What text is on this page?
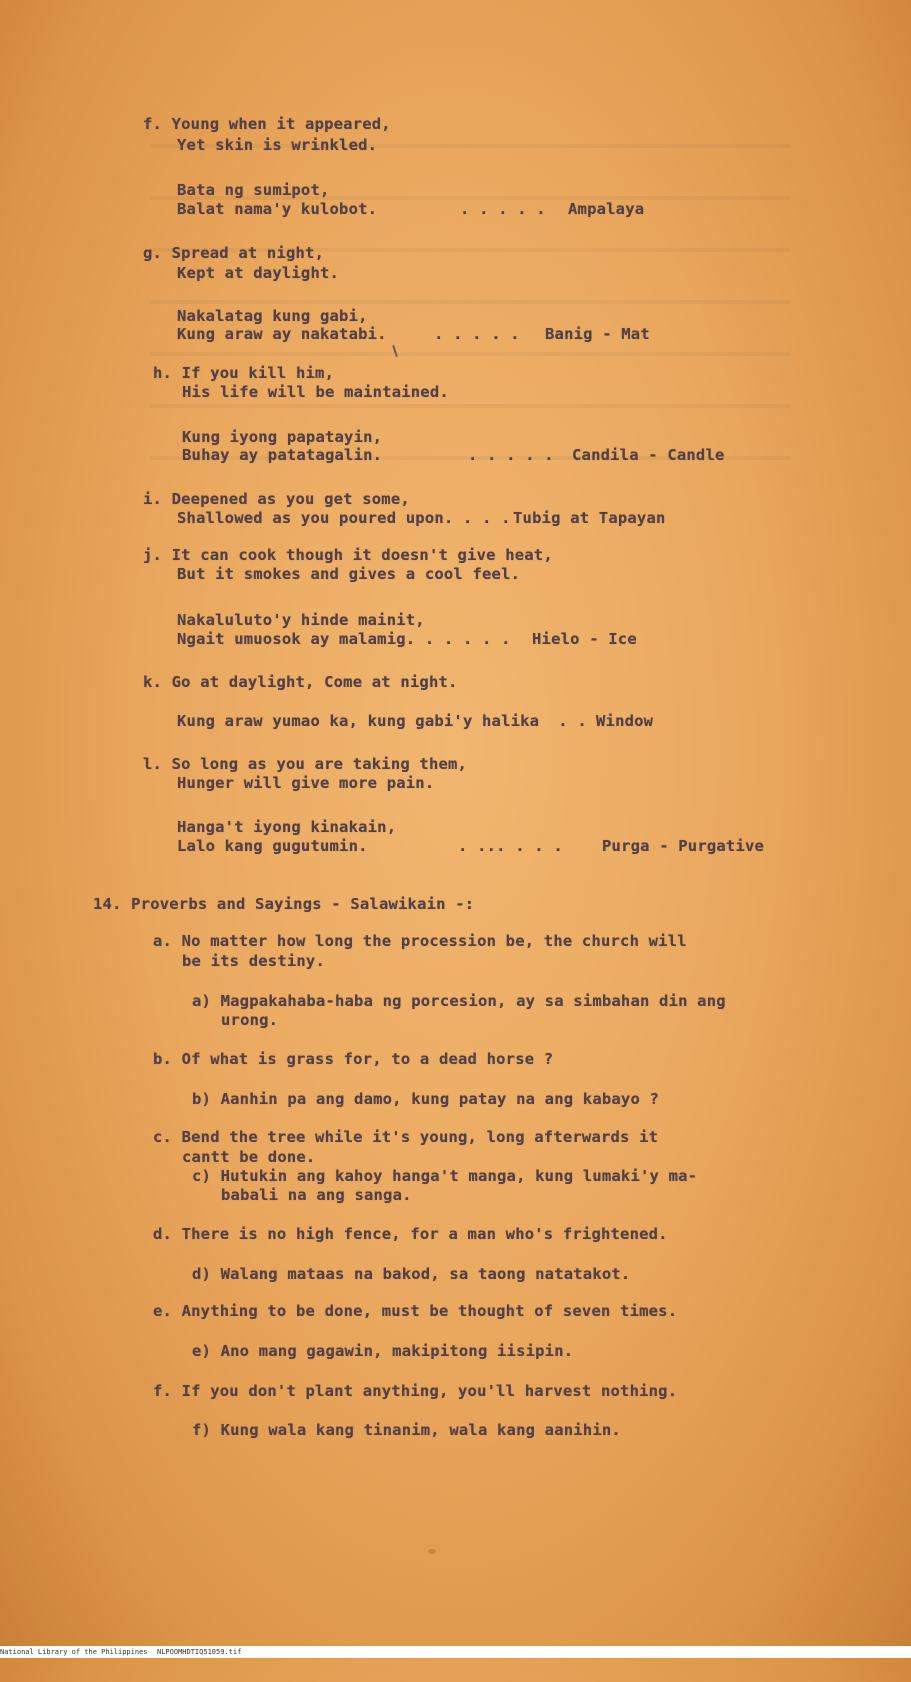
f. Young when it appeared,
Yet skin is wrinkled.
Bata ng sumipot,
Balat nama'y kulobot.	. . . . . Ampalaya
g. Spread at night,
Kept at daylight.
Nakalatag kung gabi,
Kung araw ay nakatabi.	. . . . . Banig - Mat
h. If you kill him,
His life will be maintained.
Kung iyong papatayin,
Buhay ay patatagalin.	. . . . . Candila - Candle
i. Deepened as you get some,
Shallowed as you poured upon. . . . Tubig at Tapayan
j. It can cook though it doesn't give heat,
But it smokes and gives a cool feel.
Nakaluluto'y hinde mainit,
Ngait umuosok ay malamig. . . . . . Hielo - Ice
k. Go at daylight, Come at night.
Kung araw yumao ka, kung gabi'y halika  . . Window
l. So long as you are taking them,
Hunger will give more pain.
Hanga't iyong kinakain,
Lalo kang gugutumin.	. ... . . .	Purga - Purgative
14. Proverbs and Sayings - Salawikain -:
a. No matter how long the procession be, the church will
be its destiny.
a) Magpakahaba-haba ng porcesion, ay sa simbahan din ang
urong.
b. Of what is grass for, to a dead horse ?
b) Aanhin pa ang damo, kung patay na ang kabayo ?
c. Bend the tree while it's young, long afterwards it
cantt be done.
c) Hutukin ang kahoy hanga't manga, kung lumaki'y ma-
babali na ang sanga.
d. There is no high fence, for a man who's frightened.
d) Walang mataas na bakod, sa taong natatakot.
e. Anything to be done, must be thought of seven times.
e) Ano mang gagawin, makipitong iisipin.
f. If you don't plant anything, you'll harvest nothing.
f) Kung wala kang tinanim, wala kang aanihin.

National Library of the Philippines

NLPOOMHDTIQ51059.tif
